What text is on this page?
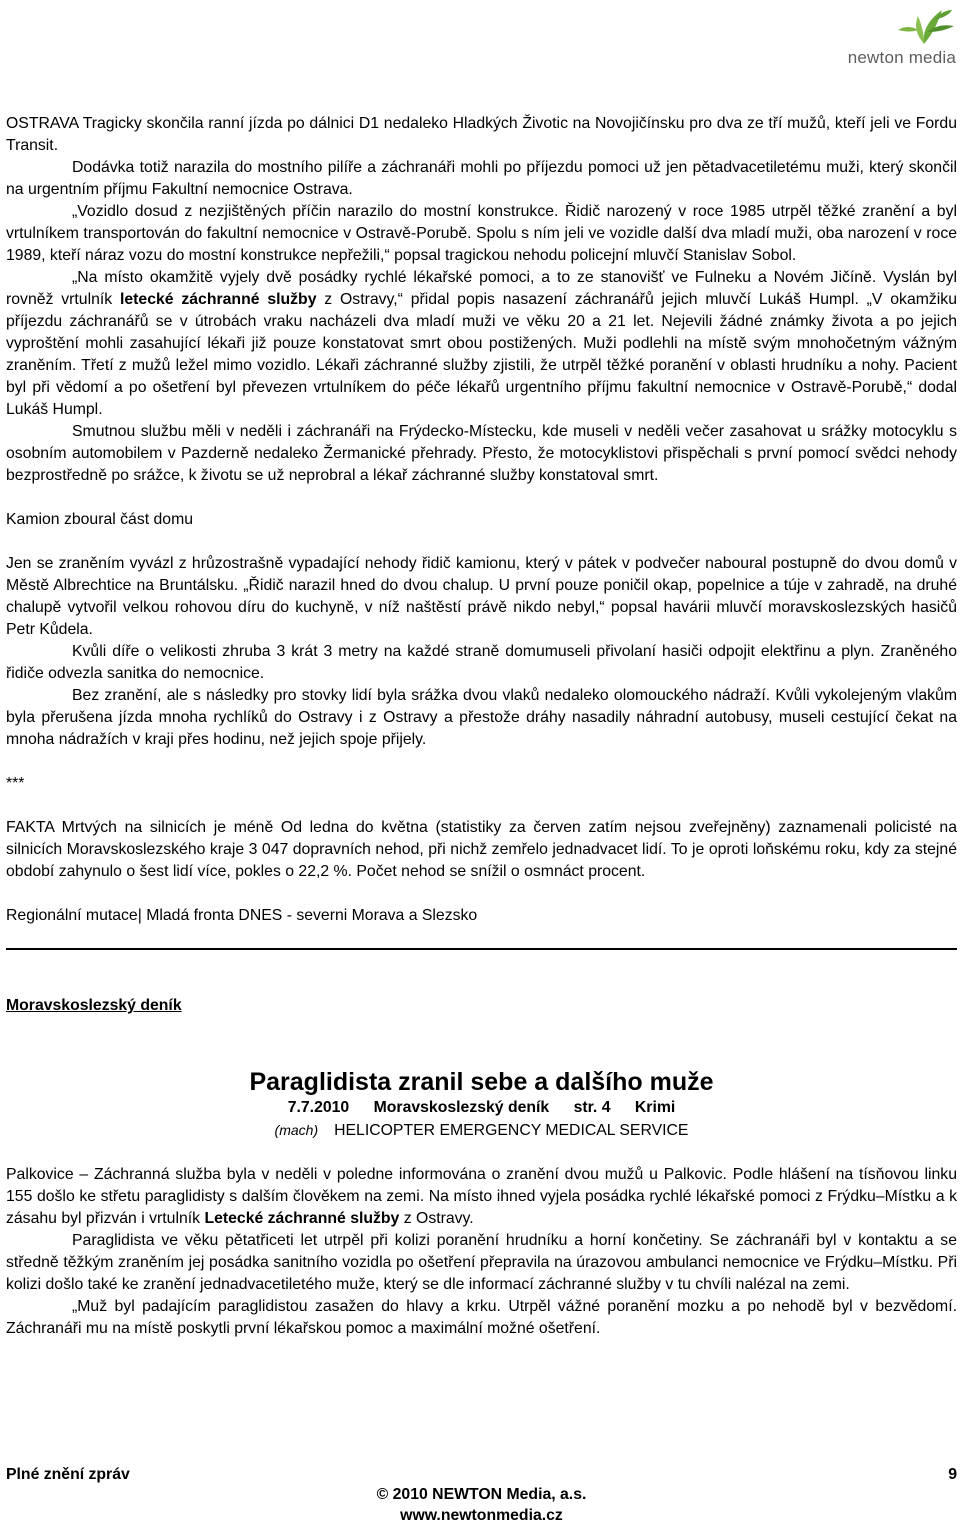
newton media

OSTRAVA Tragicky skončila ranní jízda po dálnici D1 nedaleko Hladkých Životic na Novojičínsku pro dva ze tří mužů, kteří jeli ve Fordu Transit.

Dodávka totiž narazila do mostního pilíře a záchranáři mohli po příjezdu pomoci už jen pětadvacetiletému muži, který skončil na urgentním příjmu Fakultní nemocnice Ostrava.

„Vozidlo dosud z nezjištěných příčin narazilo do mostní konstrukce. Řidič narozený v roce 1985 utrpěl těžké zranění a byl vrtulníkem transportován do fakultní nemocnice v Ostravě-Porubě. Spolu s ním jeli ve vozidle další dva mladí muži, oba narození v roce 1989, kteří náraz vozu do mostní konstrukce nepřežili,“ popsal tragickou nehodu policejní mluvčí Stanislav Sobol.

„Na místo okamžitě vyjely dvě posádky rychlé lékařské pomoci, a to ze stanovišť ve Fulneku a Novém Jičíně. Vyslán byl rovněž vrtulník letecké záchranné služby z Ostravy,“ přidal popis nasazení záchranářů jejich mluvčí Lukáš Humpl. „V okamžiku příjezdu záchranářů se v útrobách vraku nacházeli dva mladí muži ve věku 20 a 21 let. Nejevili žádné známky života a po jejich vyproštění mohli zasahující lékaři již pouze konstatovat smrt obou postižených. Muži podlehli na místě svým mnohočetným vážným zraněním. Třetí z mužů ležel mimo vozidlo. Lékaři záchranné služby zjistili, že utrpěl těžké poranění v oblasti hrudníku a nohy. Pacient byl při vědomí a po ošetření byl převezen vrtulníkem do péče lékařů urgentního příjmu fakultní nemocnice v Ostravě-Porubě,“ dodal Lukáš Humpl.

Smutnou službu měli v neděli i záchranáři na Frýdecko-Místecku, kde museli v neděli večer zasahovat u srážky motocyklu s osobním automobilem v Pazderně nedaleko Žermanické přehrady. Přesto, že motocyklistovi přispěchali s první pomocí svědci nehody bezprostředně po srážce, k životu se už neprobral a lékař záchranné služby konstatoval smrt.

Kamion zboural část domu

Jen se zraněním vyvázl z hrůzostrašně vypadající nehody řidič kamionu, který v pátek v podvečer naboural postupně do dvou domů v Městě Albrechtice na Bruntálsku. „Řidič narazil hned do dvou chalup. U první pouze poničil okap, popelnice a túje v zahradě, na druhé chalupě vytvořil velkou rohovou díru do kuchyně, v níž naštěstí právě nikdo nebyl,“ popsal havárii mluvčí moravskoslezských hasičů Petr Kůdela.

Kvůli díře o velikosti zhruba 3 krát 3 metry na každé straně domumuseli přivolaní hasiči odpojit elektřinu a plyn. Zraněného řidiče odvezla sanitka do nemocnice.

Bez zranění, ale s následky pro stovky lidí byla srážka dvou vlaků nedaleko olomouckého nádraží. Kvůli vykolejeným vlakům byla přerušena jízda mnoha rychlíků do Ostravy i z Ostravy a přestože dráhy nasadily náhradní autobusy, museli cestující čekat na mnoha nádražích v kraji přes hodinu, než jejich spoje přijely.

***

FAKTA Mrtvých na silnicích je méně Od ledna do května (statistiky za červen zatím nejsou zveřejněny) zaznamenali policisté na silnicích Moravskoslezského kraje 3 047 dopravních nehod, při nichž zemřelo jednadvacet lidí. To je oproti loňskému roku, kdy za stejné období zahynulo o šest lidí více, pokles o 22,2 %. Počet nehod se snížil o osmnáct procent.

Regionální mutace| Mladá fronta DNES - severni Morava a Slezsko

Moravskoslezský deník

Paraglidista zranil sebe a dalšího muže
7.7.2010 Moravskoslezský deník str. 4 Krimi
(mach) HELICOPTER EMERGENCY MEDICAL SERVICE

Palkovice – Záchranná služba byla v neděli v poledne informována o zranění dvou mužů u Palkovic. Podle hlášení na tísňovou linku 155 došlo ke střetu paraglidisty s dalším člověkem na zemi. Na místo ihned vyjela posádka rychlé lékařské pomoci z Frýdku–Místku a k zásahu byl přizván i vrtulník Letecké záchranné služby z Ostravy.

Paraglidista ve věku pětatřiceti let utrpěl při kolizi poranění hrudníku a horní končetiny. Se záchranáři byl v kontaktu a se středně těžkým zraněním jej posádka sanitního vozidla po ošetření přepravila na úrazovou ambulanci nemocnice ve Frýdku–Místku. Při kolizi došlo také ke zranění jednadvacetiletého muže, který se dle informací záchranné služby v tu chvíli nalézal na zemi.

„Muž byl padajícím paraglidistou zasažen do hlavy a krku. Utrpěl vážné poranění mozku a po nehodě byl v bezvědomí. Záchranáři mu na místě poskytli první lékařskou pomoc a maximální možné ošetření.

Plné znění zpráv	9
© 2010 NEWTON Media, a.s.
www.newtonmedia.cz
